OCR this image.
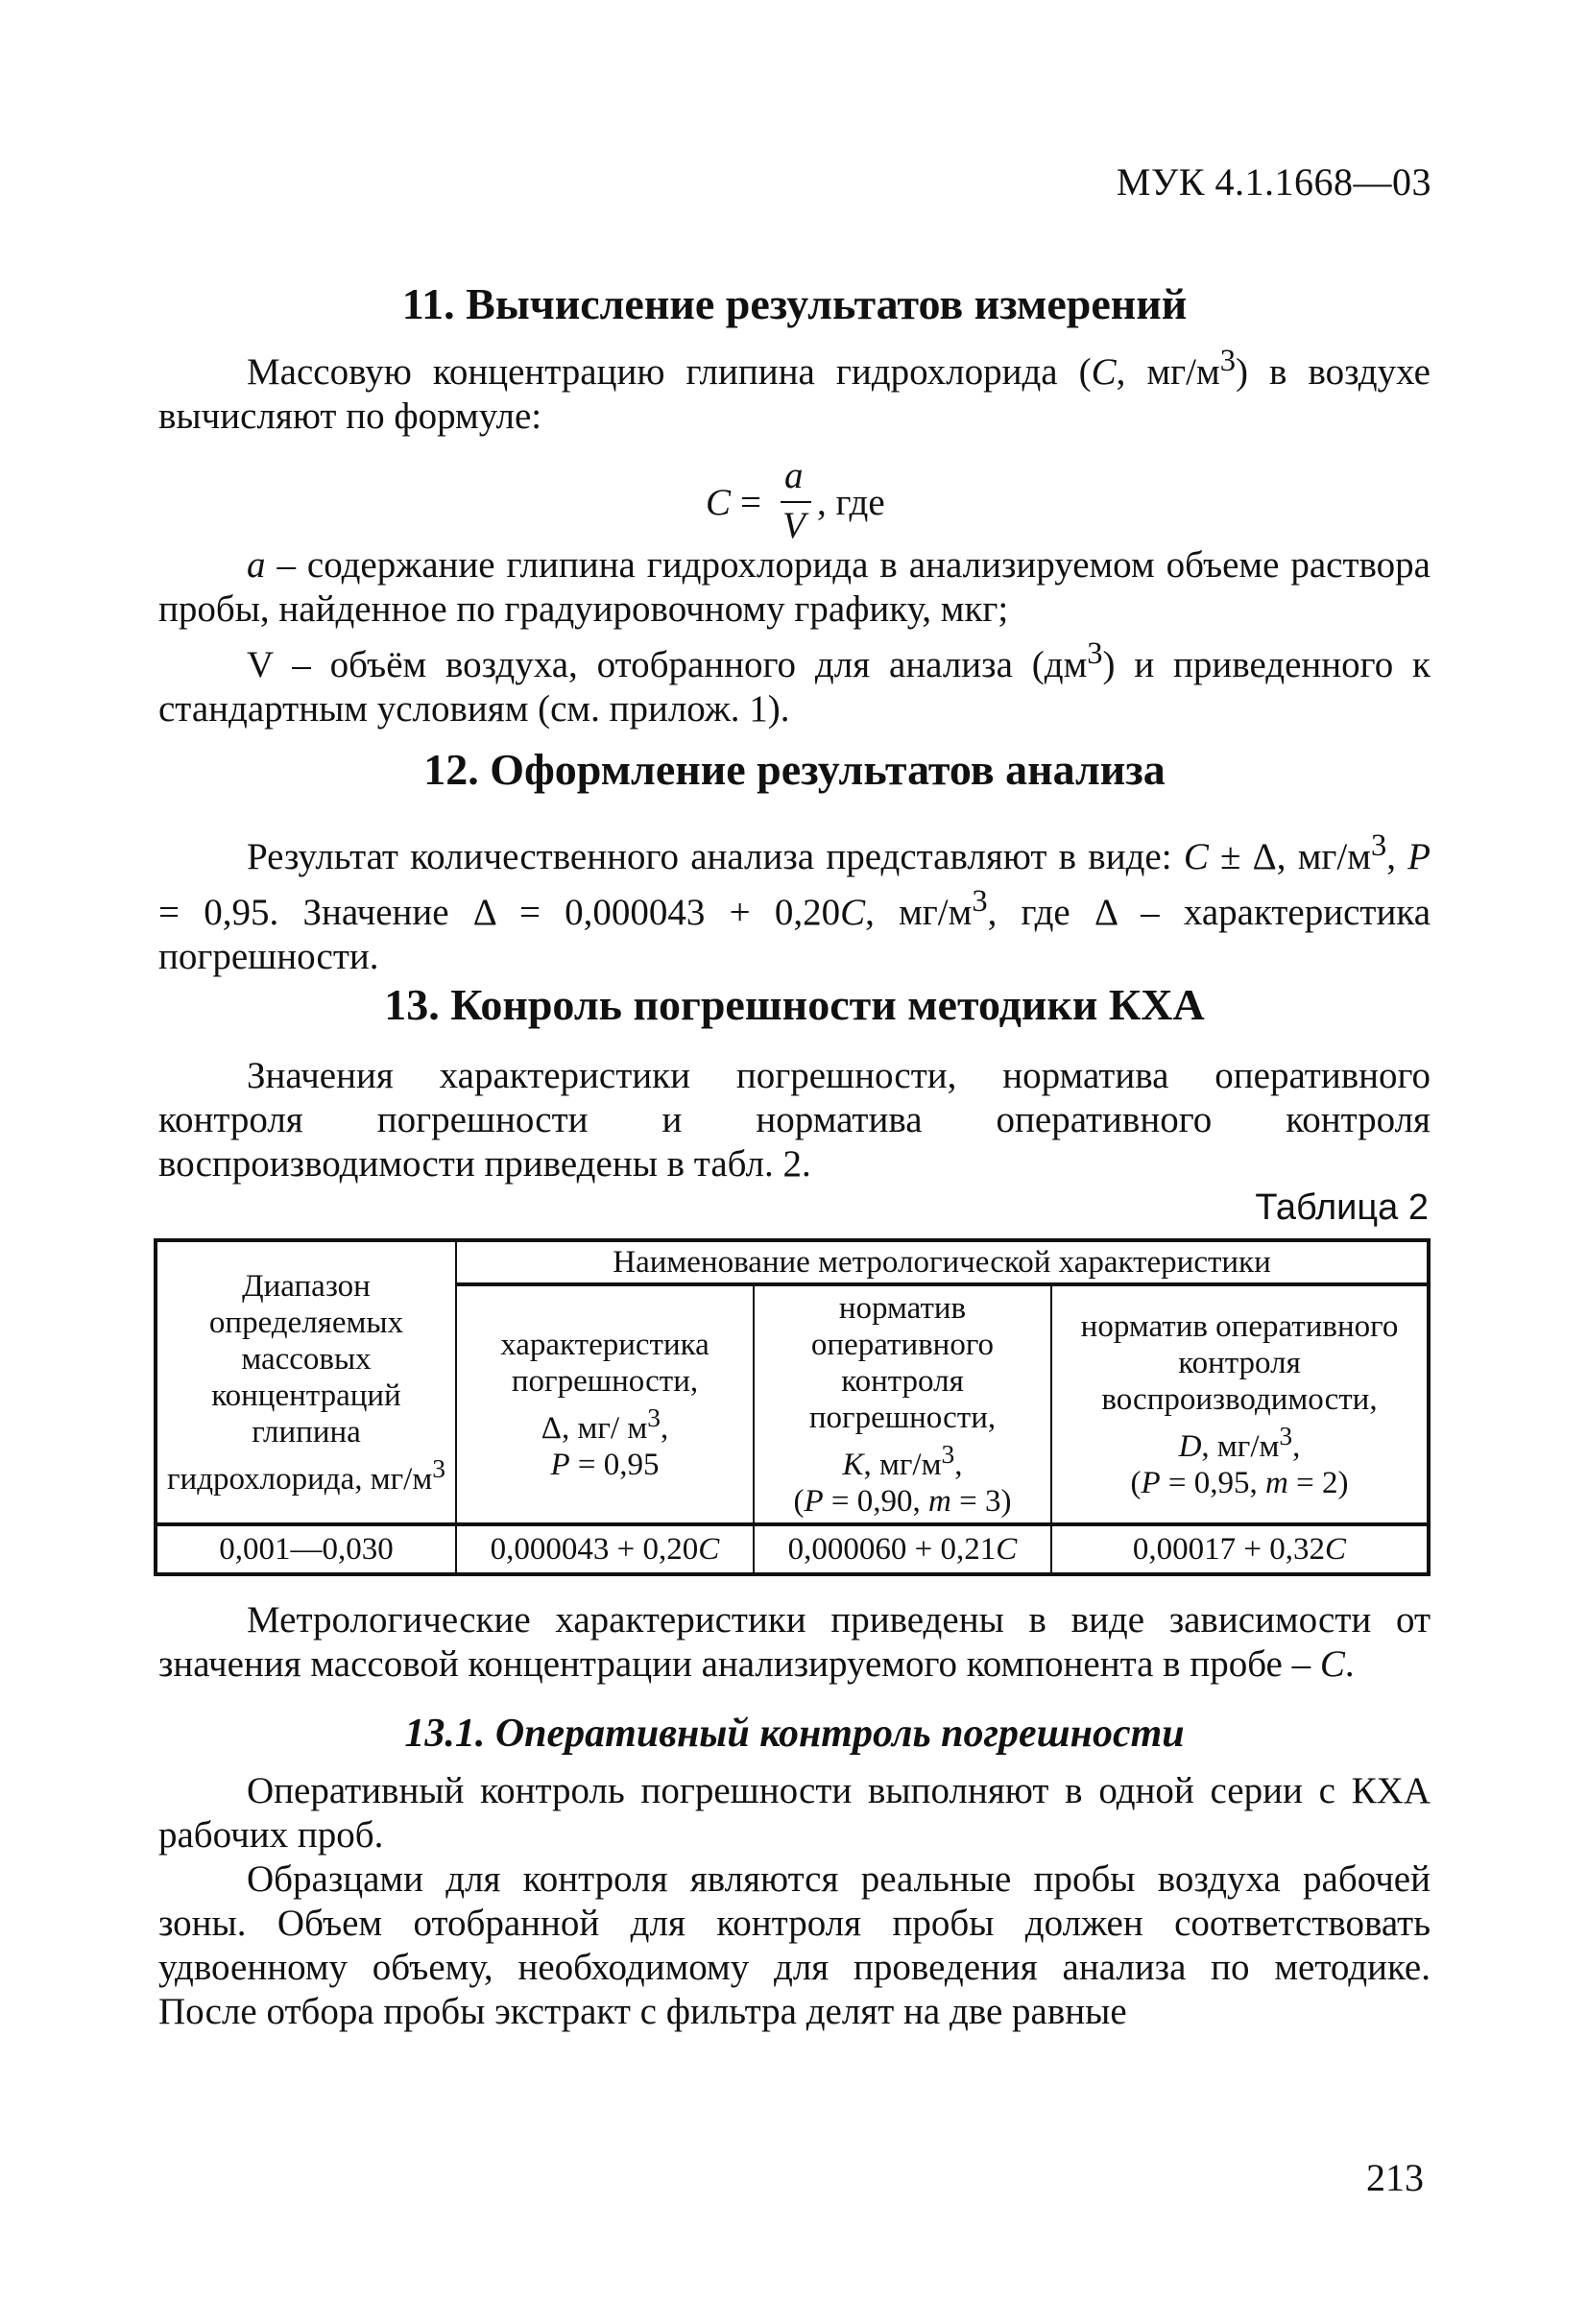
МУК 4.1.1668—03
11. Вычисление результатов измерений

Массовую концентрацию глипина гидрохлорида (C, $мг/м^3$) в воздухе вычисляют по формуле:

C =
a
V
, где

a – содержание глипина гидрохлорида в анализируемом объеме раствора пробы, найденное по градуировочному графику, мкг;

V – объём воздуха, отобранного для анализа $(дм^3)$ и приведенного к стандартным условиям (см. прилож. 1).

12. Оформление результатов анализа

Результат количественного анализа представляют в виде: C ± Δ, $мг/м^3$, P = 0,95. Значение Δ = 0,000043 + 0,20C, $мг/м^3$, где Δ – характеристика погрешности.

13. Конроль погрешности методики КХА

Значения характеристики погрешности, норматива оперативного контроля погрешности и норматива оперативного контроля воспроизводимости приведены в табл. 2.

Таблица 2
Диапазон определяемых массовых концентраций глипина гидрохлорида, $мг/м^3$	Наименование метрологической характеристики		
	характеристика погрешности,
Δ, мг/ $м^3$,
P = 0,95	норматив оперативного контроля погрешности,
K, $мг/м^3$,
(P = 0,90, m = 3)	норматив оперативного контроля воспроизводимости,
D, $мг/м^3$,
(P = 0,95, m = 2)
0,001—0,030	0,000043 + 0,20C	0,000060 + 0,21C	0,00017 + 0,32C

Метрологические характеристики приведены в виде зависимости от значения массовой концентрации анализируемого компонента в пробе – C.

13.1. Оперативный контроль погрешности

Оперативный контроль погрешности выполняют в одной серии с КХА рабочих проб.

Образцами для контроля являются реальные пробы воздуха рабочей зоны. Объем отобранной для контроля пробы должен соответствовать удвоенному объему, необходимому для проведения анализа по методике. После отбора пробы экстракт с фильтра делят на две равные

213
